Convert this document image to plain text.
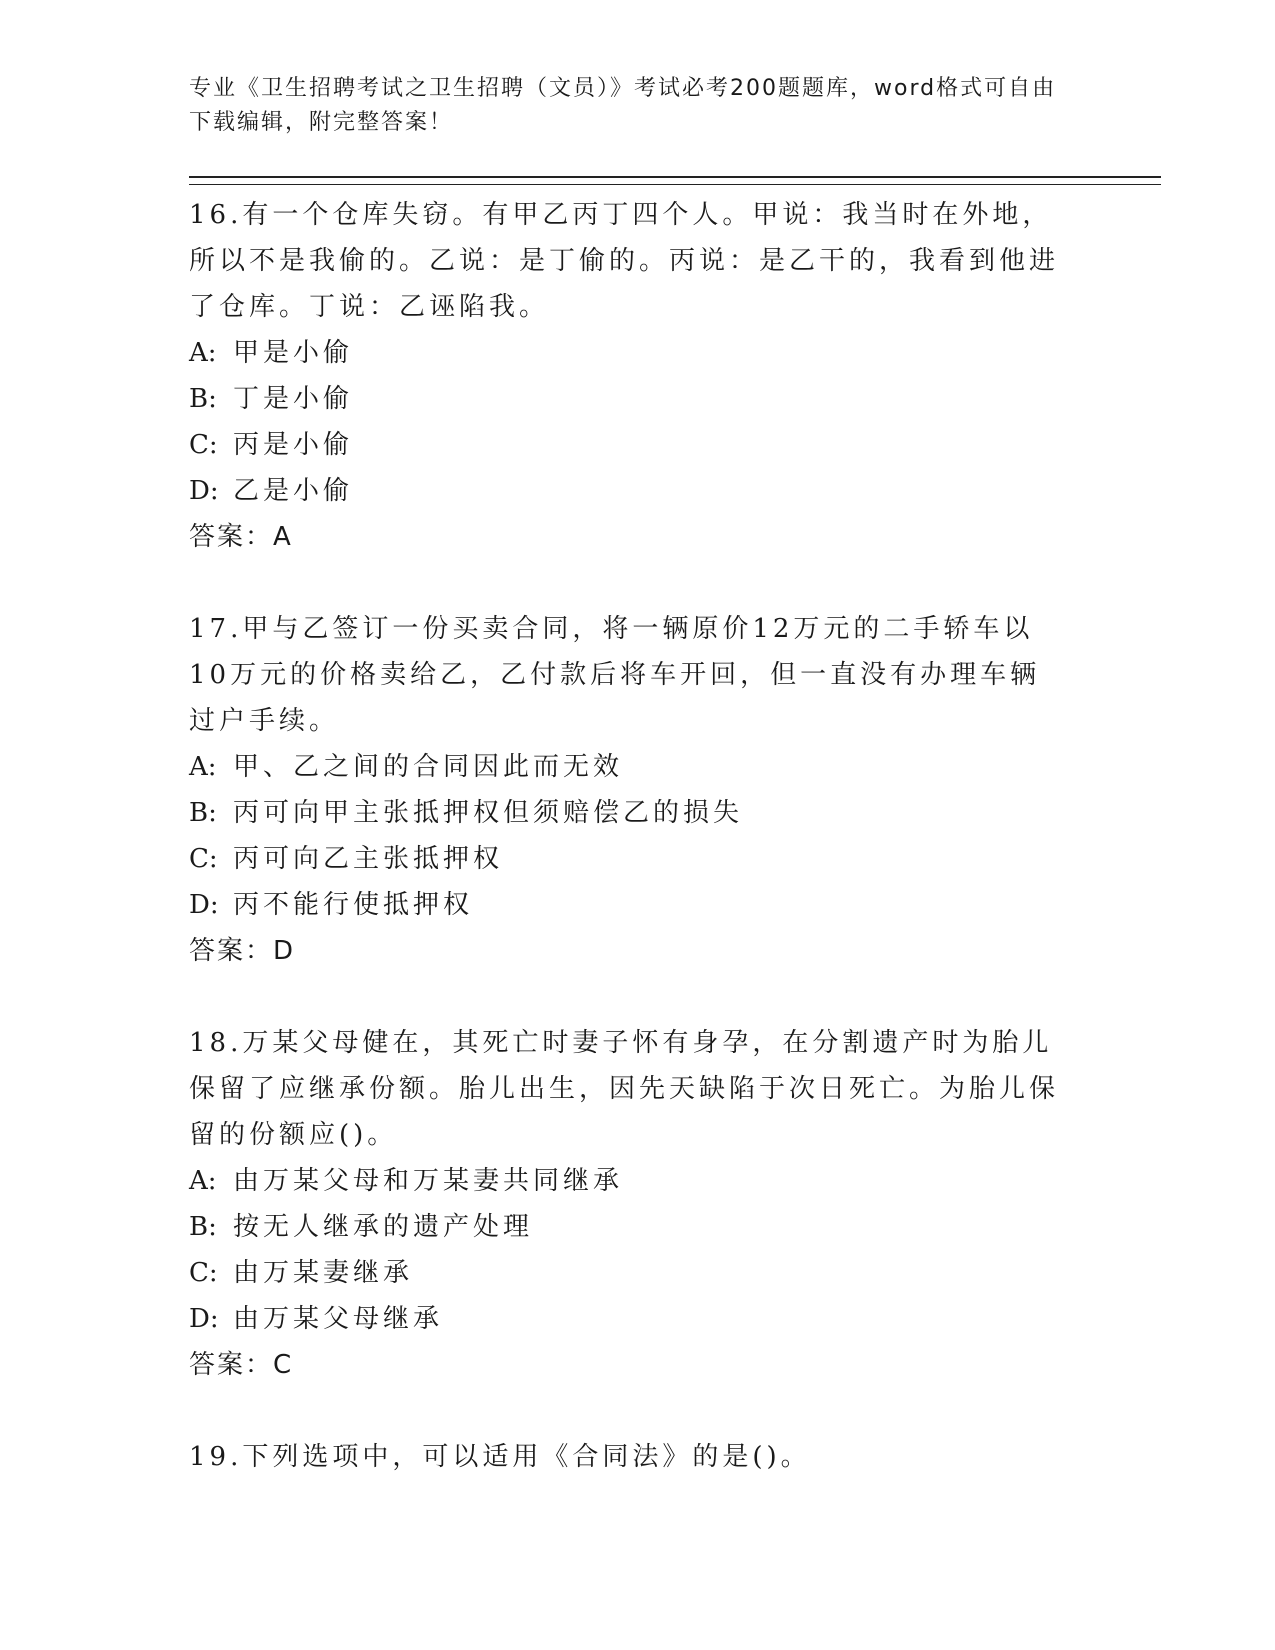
专业《卫生招聘考试之卫生招聘（文员）》考试必考200题题库，word格式可自由下载编辑，附完整答案！

16.有一个仓库失窃。有甲乙丙丁四个人。甲说：我当时在外地，所以不是我偷的。乙说：是丁偷的。丙说：是乙干的，我看到他进了仓库。丁说：乙诬陷我。

A: 甲是小偷

B: 丁是小偷

C: 丙是小偷

D: 乙是小偷

答案：A

17.甲与乙签订一份买卖合同，将一辆原价12万元的二手轿车以10万元的价格卖给乙，乙付款后将车开回，但一直没有办理车辆过户手续。

A: 甲、乙之间的合同因此而无效

B: 丙可向甲主张抵押权但须赔偿乙的损失

C: 丙可向乙主张抵押权

D: 丙不能行使抵押权

答案：D

18.万某父母健在，其死亡时妻子怀有身孕，在分割遗产时为胎儿保留了应继承份额。胎儿出生，因先天缺陷于次日死亡。为胎儿保留的份额应()。

A: 由万某父母和万某妻共同继承

B: 按无人继承的遗产处理

C: 由万某妻继承

D: 由万某父母继承

答案：C

19.下列选项中，可以适用《合同法》的是()。
